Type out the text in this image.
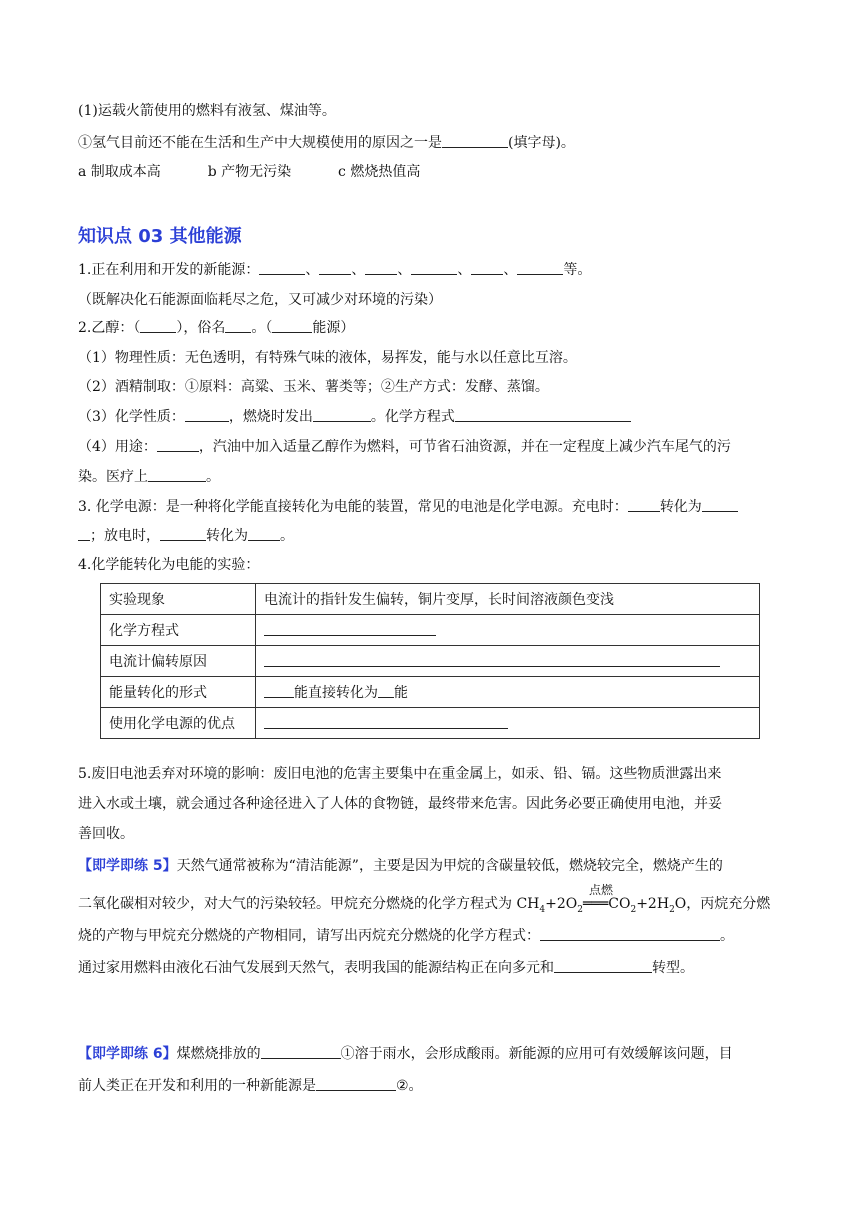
(1)运载火箭使用的燃料有液氢、煤油等。
①氢气目前还不能在生活和生产中大规模使用的原因之一是	(填字母)。
a 制取成本高	b 产物无污染	c 燃烧热值高
知识点 03 其他能源
1.正在利用和开发的新能源：	、 、 、	、 、	等。
（既解决化石能源面临耗尽之危，又可减少对环境的污染）
2.乙醇：（	），俗名 。（	能源）
（1）物理性质：无色透明，有特殊气味的液体，易挥发，能与水以任意比互溶。
（2）酒精制取：①原料：高粱、玉米、薯类等；②生产方式：发酵、蒸馏。
（3）化学性质：	，燃烧时发出	。化学方程式
（4）用途：	，汽油中加入适量乙醇作为燃料，可节省石油资源，并在一定程度上减少汽车尾气的污
染。医疗上	。
3. 化学电源：是一种将化学能直接转化为电能的装置，常见的电池是化学电源。充电时： 转化为
；放电时，	转化为 。
4.化学能转化为电能的实验：
实验现象	电流计的指针发生偏转，铜片变厚，长时间溶液颜色变浅
化学方程式	
电流计偏转原因	
能量转化的形式	能直接转化为 能
使用化学电源的优点	
5.废旧电池丢弃对环境的影响：废旧电池的危害主要集中在重金属上，如汞、铅、镉。这些物质泄露出来
进入水或土壤，就会通过各种途径进入了人体的食物链，最终带来危害。因此务必要正确使用电池，并妥
善回收。
【即学即练 5】天然气通常被称为“清洁能源”，主要是因为甲烷的含碳量较低，燃烧较完全，燃烧产生的
二氧化碳相对较少，对大气的污染较轻。甲烷充分燃烧的化学方程式为 $CH_4+2O_2$
点燃
$═══CO_2+2H_2O$，丙烷充分燃
烧的产物与甲烷充分燃烧的产物相同，请写出丙烷充分燃烧的化学方程式：	。
通过家用燃料由液化石油气发展到天然气，表明我国的能源结构正在向多元和	转型。
【即学即练 6】煤燃烧排放的	①溶于雨水，会形成酸雨。新能源的应用可有效缓解该问题，目
前人类正在开发和利用的一种新能源是	②。
